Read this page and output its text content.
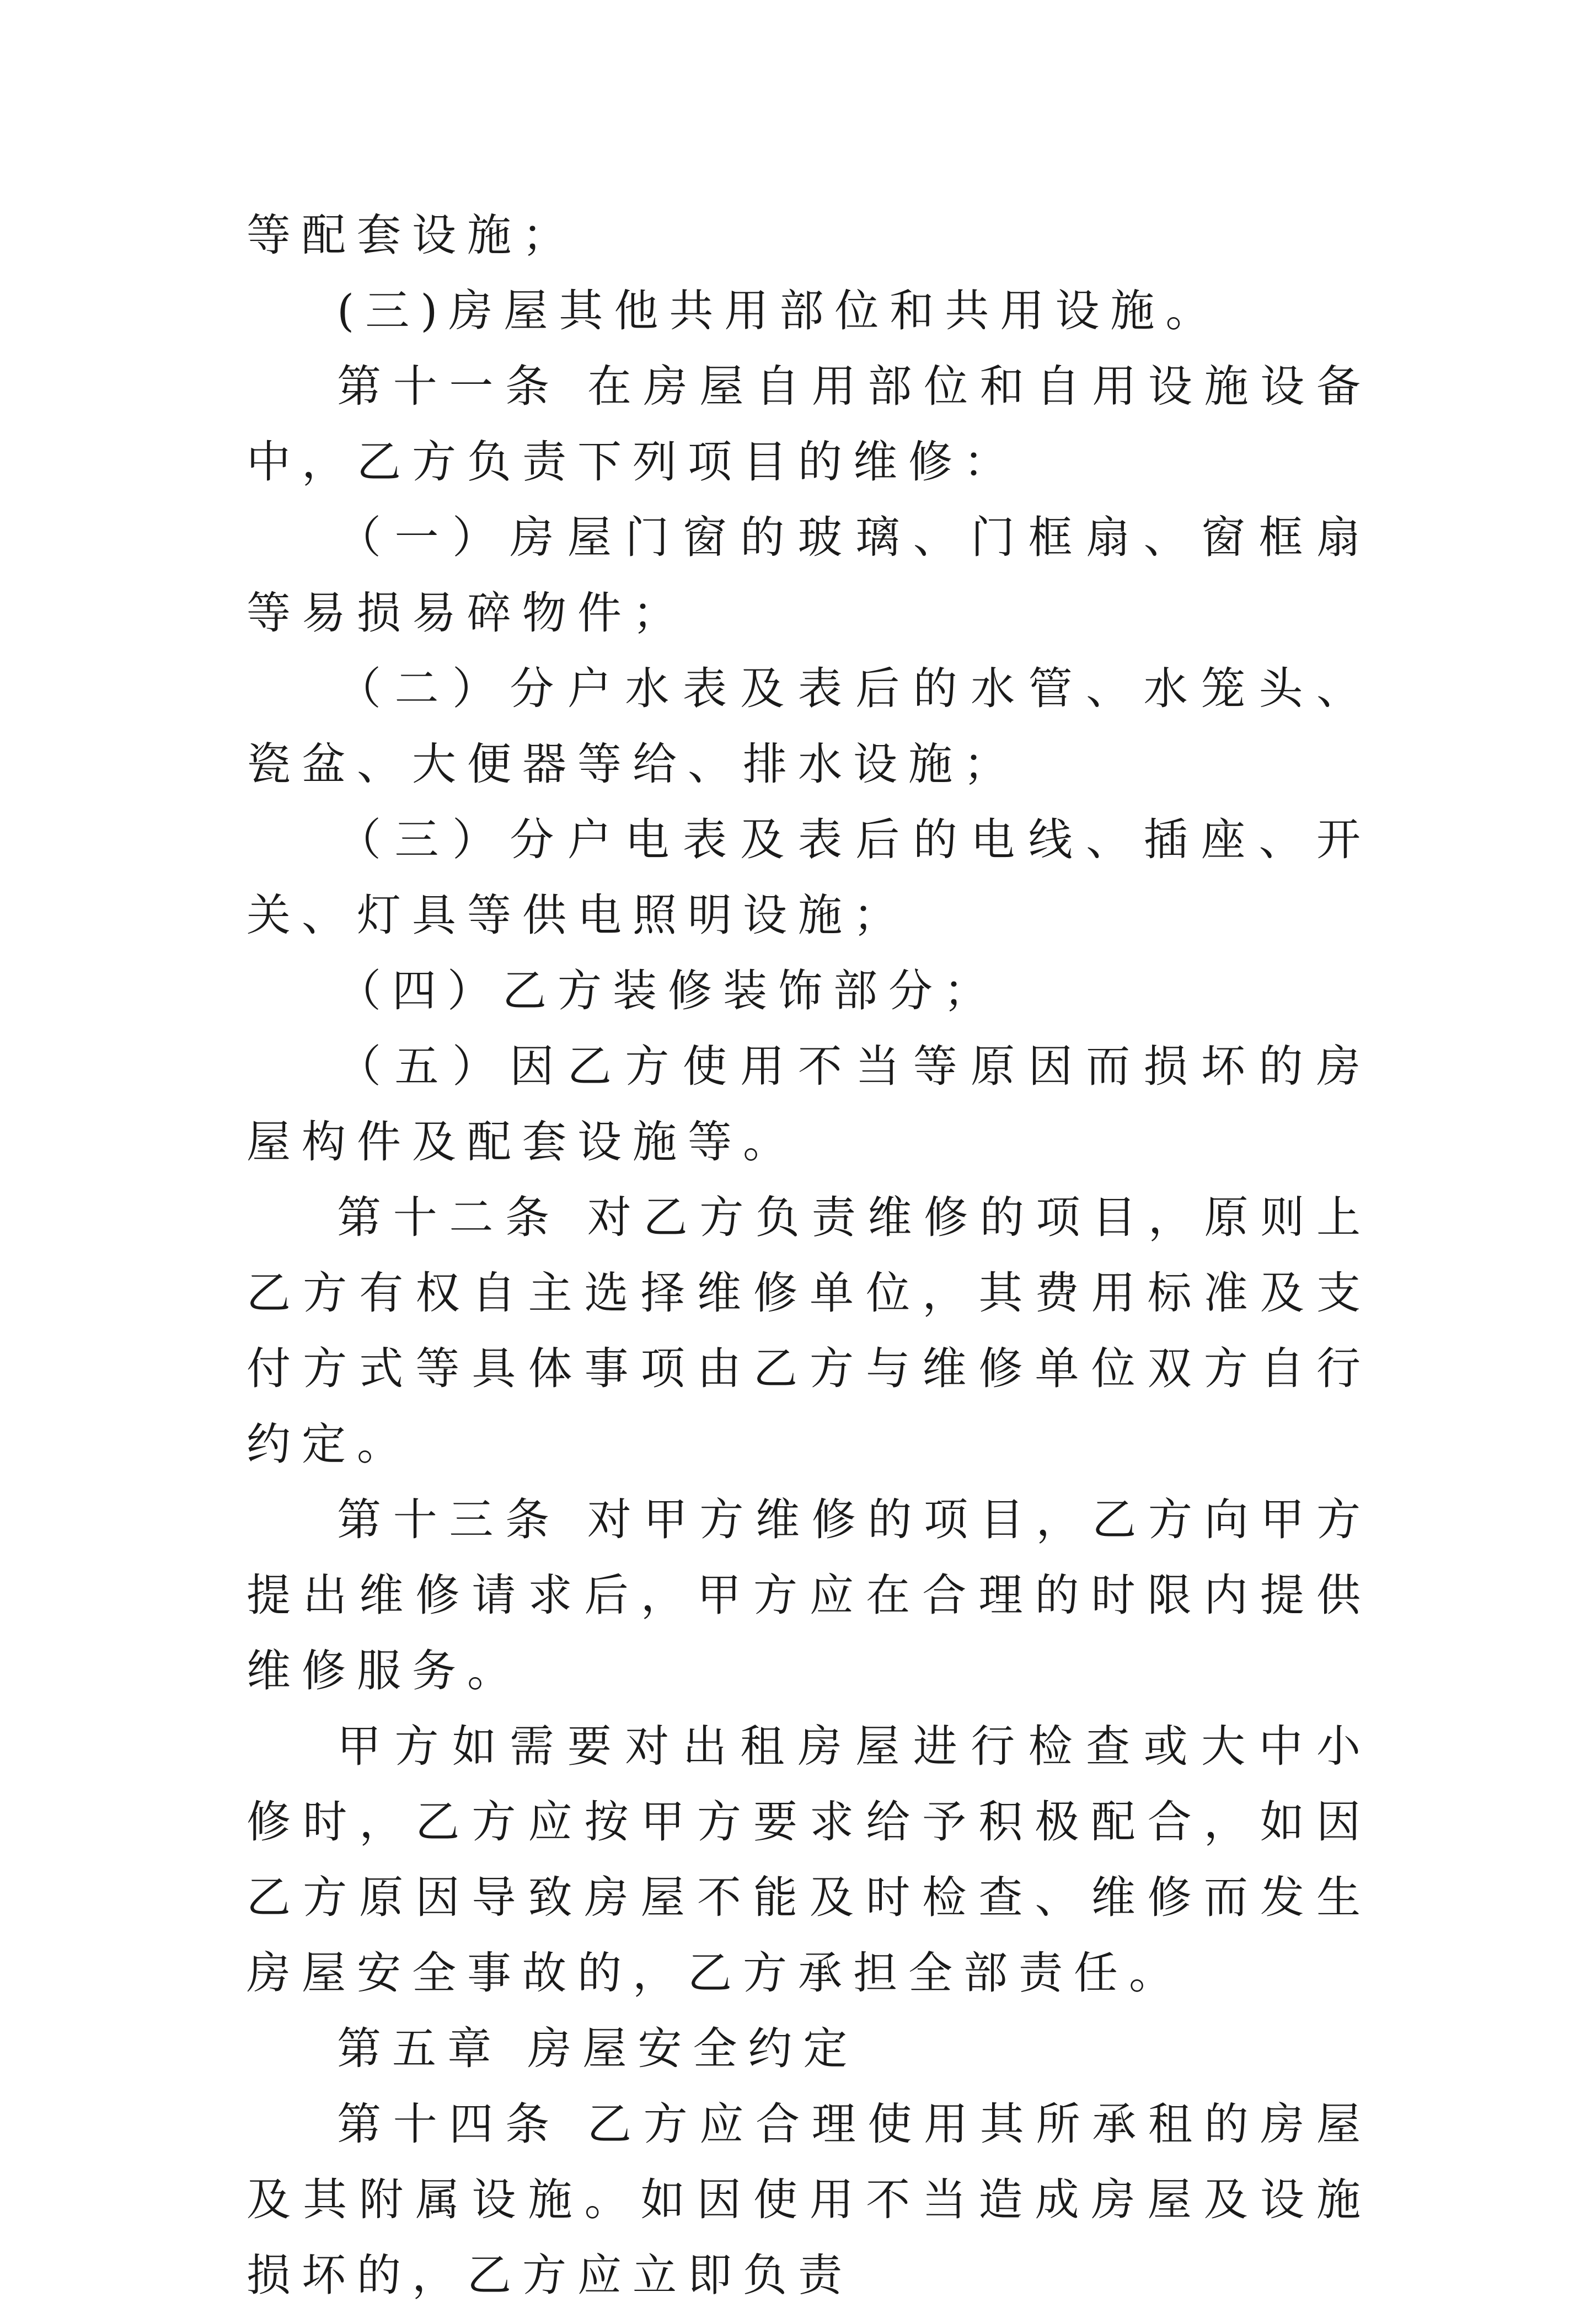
等配套设施；

(三)房屋其他共用部位和共用设施。

第十一条 在房屋自用部位和自用设施设备中，乙方负责下列项目的维修：

（一）房屋门窗的玻璃、门框扇、窗框扇等易损易碎物件；

（二）分户水表及表后的水管、水笼头、瓷盆、大便器等给、排水设施；

（三）分户电表及表后的电线、插座、开关、灯具等供电照明设施；

（四）乙方装修装饰部分；

（五）因乙方使用不当等原因而损坏的房屋构件及配套设施等。

第十二条 对乙方负责维修的项目，原则上乙方有权自主选择维修单位，其费用标准及支付方式等具体事项由乙方与维修单位双方自行约定。

第十三条 对甲方维修的项目，乙方向甲方提出维修请求后，甲方应在合理的时限内提供维修服务。

甲方如需要对出租房屋进行检查或大中小修时，乙方应按甲方要求给予积极配合，如因乙方原因导致房屋不能及时检查、维修而发生房屋安全事故的，乙方承担全部责任。

第五章 房屋安全约定

第十四条 乙方应合理使用其所承租的房屋及其附属设施。如因使用不当造成房屋及设施损坏的，乙方应立即负责
